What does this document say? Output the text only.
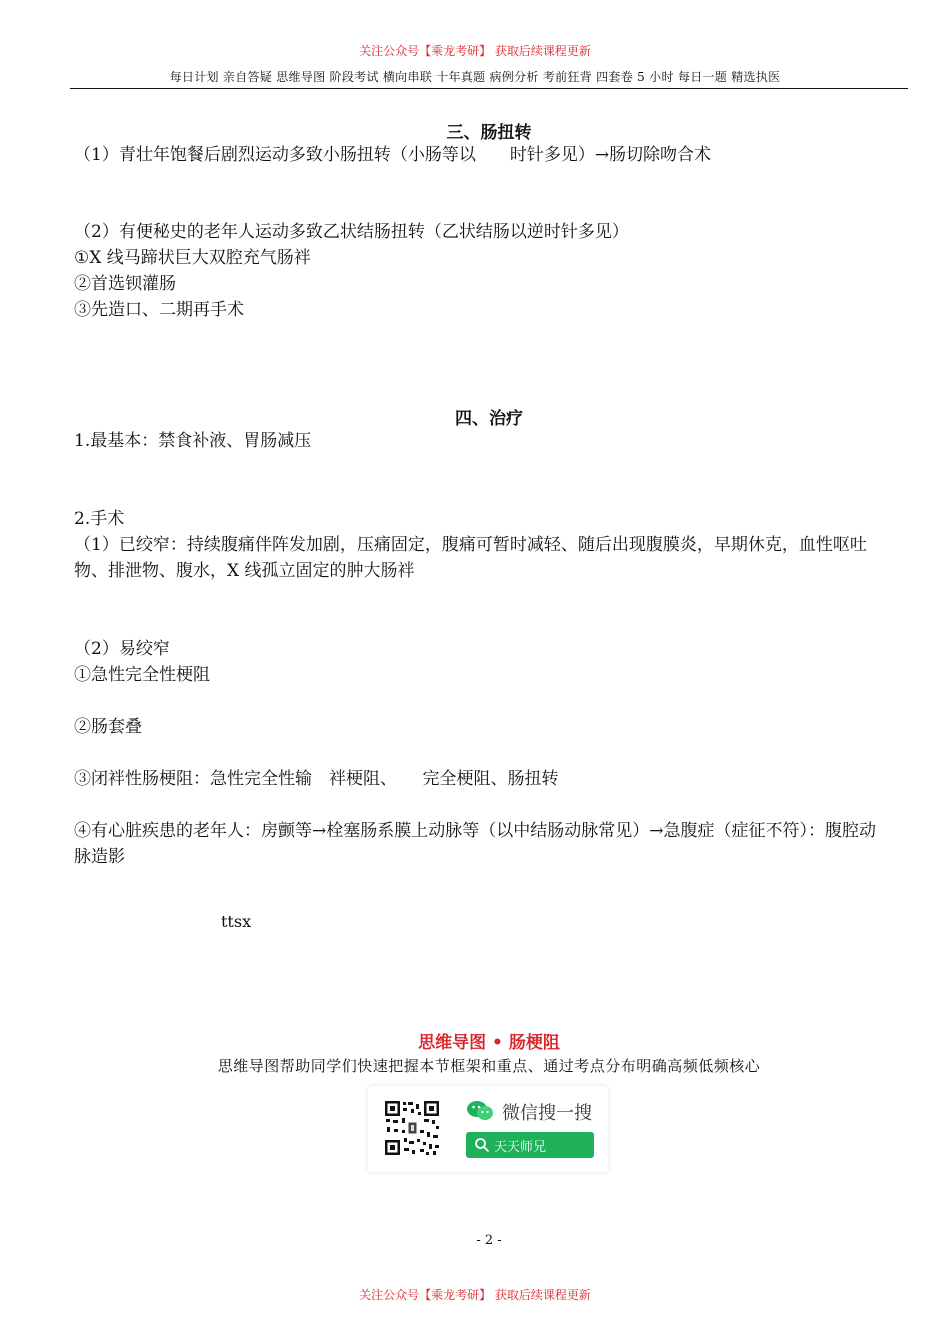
关注公众号【乘龙考研】 获取后续课程更新
每日计划 亲自答疑 思维导图 阶段考试 横向串联 十年真题 病例分析 考前狂背 四套卷 5 小时 每日一题 精选执医
三、肠扭转
（1）青壮年饱餐后剧烈运动多致小肠扭转（小肠等以　　时针多见）→肠切除吻合术
（2）有便秘史的老年人运动多致乙状结肠扭转（乙状结肠以逆时针多见）
①X 线马蹄状巨大双腔充气肠袢
②首选钡灌肠
③先造口、二期再手术
四、治疗
1.最基本：禁食补液、胃肠减压
2.手术
（1）已绞窄：持续腹痛伴阵发加剧，压痛固定，腹痛可暂时减轻、随后出现腹膜炎，早期休克，血性呕吐物、排泄物、腹水，X 线孤立固定的肿大肠袢
（2）易绞窄
①急性完全性梗阻
②肠套叠
③闭袢性肠梗阻：急性完全性输　袢梗阻、　　完全梗阻、肠扭转
④有心脏疾患的老年人：房颤等→栓塞肠系膜上动脉等（以中结肠动脉常见）→急腹症（症征不符）：腹腔动脉造影
ttsx
思维导图 • 肠梗阻
思维导图帮助同学们快速把握本节框架和重点、通过考点分布明确高频低频核心
微信搜一搜
天天师兄
- 2 -
关注公众号【乘龙考研】 获取后续课程更新
